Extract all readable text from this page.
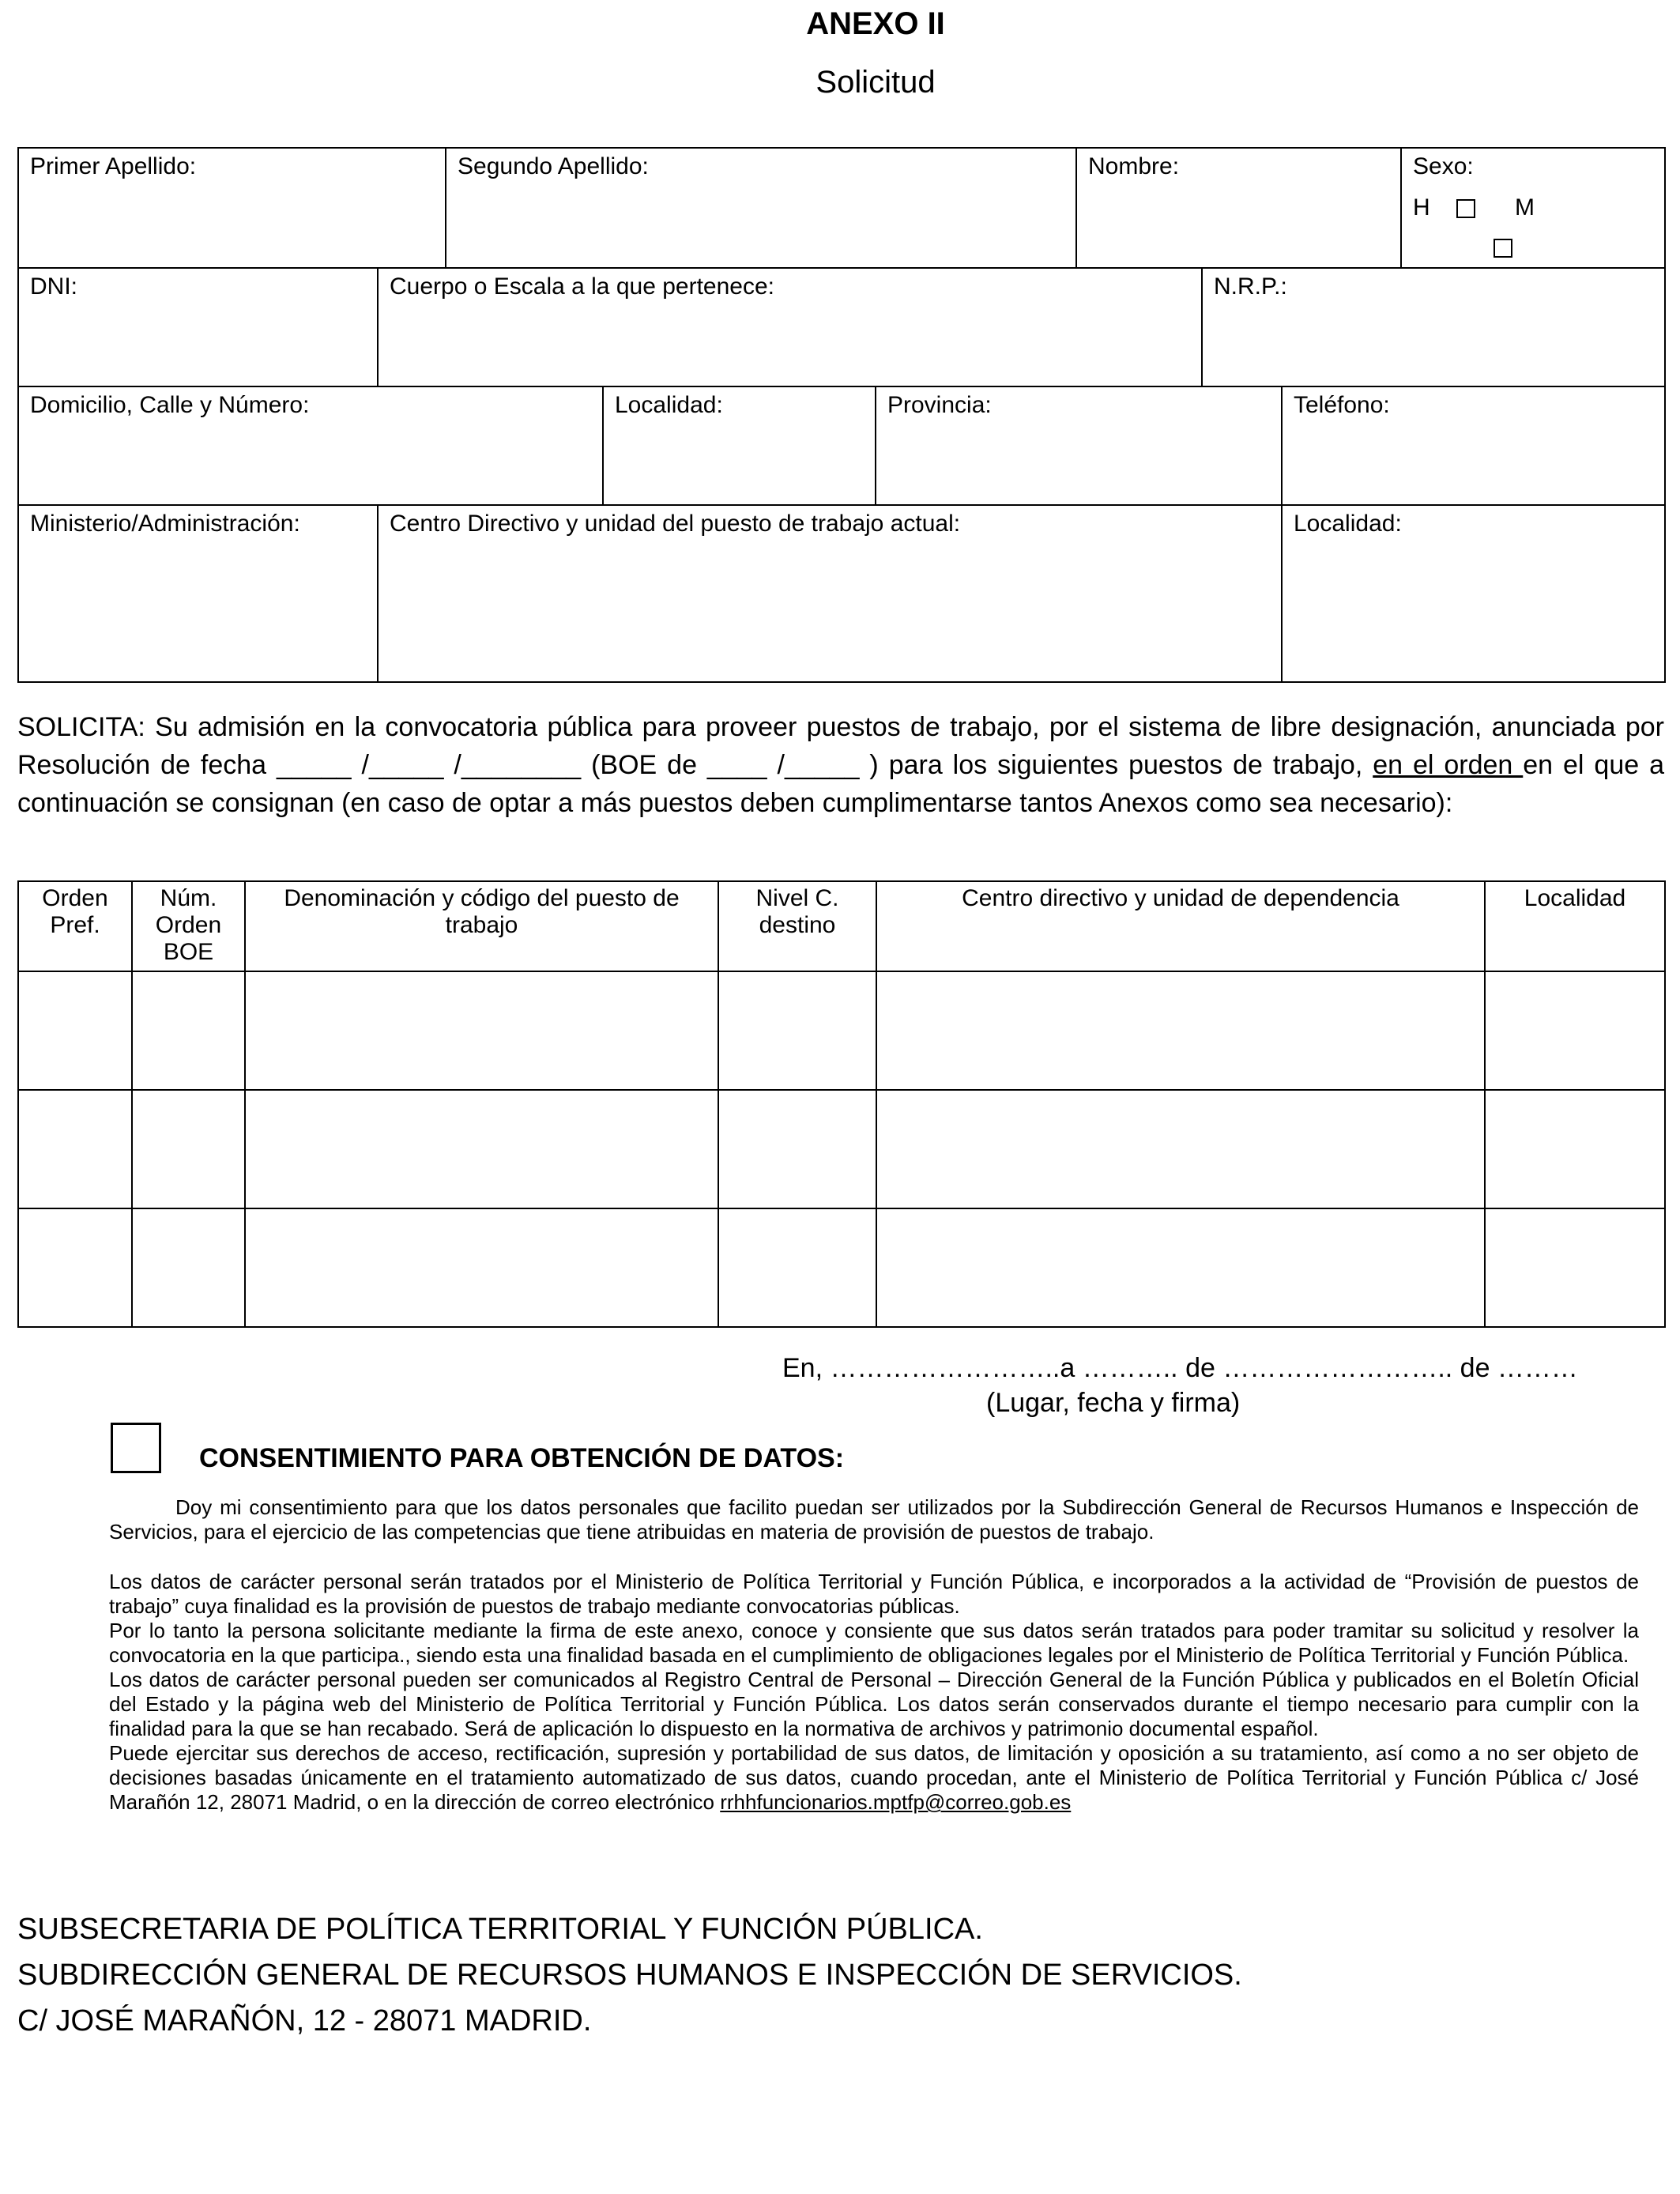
ANEXO II
Solicitud
Primer Apellido:		Segundo Apellido:			Nombre:			Sexo:
H M

DNI:	Cuerpo o Escala a la que pertenece:					N.R.P.:		
Domicilio, Calle y Número:			Localidad:	Provincia:			Teléfono:	
Ministerio/Administración:	Centro Directivo y unidad del puesto de trabajo actual:						Localidad:	
SOLICITA: Su admisión en la convocatoria pública para proveer puestos de trabajo, por el sistema de libre designación, anunciada por Resolución de fecha _____ /_____ /________ (BOE de ____ /_____ ) para los siguientes puestos de trabajo, en el orden en el que a continuación se consignan (en caso de optar a más puestos deben cumplimentarse tantos Anexos como sea necesario):
Orden Pref.	Núm. Orden BOE	Denominación y código del puesto de trabajo	Nivel C. destino	Centro directivo y unidad de dependencia	Localidad

En, ……………………..a ……….. de …………………….. de ………
(Lugar, fecha y firma)
CONSENTIMIENTO PARA OBTENCIÓN DE DATOS:

Doy mi consentimiento para que los datos personales que facilito puedan ser utilizados por la Subdirección General de Recursos Humanos e Inspección de Servicios, para el ejercicio de las competencias que tiene atribuidas en materia de provisión de puestos de trabajo.

Los datos de carácter personal serán tratados por el Ministerio de Política Territorial y Función Pública, e incorporados a la actividad de “Provisión de puestos de trabajo” cuya finalidad es la provisión de puestos de trabajo mediante convocatorias públicas.

Por lo tanto la persona solicitante mediante la firma de este anexo, conoce y consiente que sus datos serán tratados para poder tramitar su solicitud y resolver la convocatoria en la que participa., siendo esta una finalidad basada en el cumplimiento de obligaciones legales por el Ministerio de Política Territorial y Función Pública.

Los datos de carácter personal pueden ser comunicados al Registro Central de Personal – Dirección General de la Función Pública y publicados en el Boletín Oficial del Estado y la página web del Ministerio de Política Territorial y Función Pública. Los datos serán conservados durante el tiempo necesario para cumplir con la finalidad para la que se han recabado. Será de aplicación lo dispuesto en la normativa de archivos y patrimonio documental español.

Puede ejercitar sus derechos de acceso, rectificación, supresión y portabilidad de sus datos, de limitación y oposición a su tratamiento, así como a no ser objeto de decisiones basadas únicamente en el tratamiento automatizado de sus datos, cuando procedan, ante el Ministerio de Política Territorial y Función Pública c/ José Marañón 12, 28071 Madrid, o en la dirección de correo electrónico rrhhfuncionarios.mptfp@correo.gob.es

SUBSECRETARIA DE POLÍTICA TERRITORIAL Y FUNCIÓN PÚBLICA.
SUBDIRECCIÓN GENERAL DE RECURSOS HUMANOS E INSPECCIÓN DE SERVICIOS.
C/ JOSÉ MARAÑÓN, 12 - 28071 MADRID.
